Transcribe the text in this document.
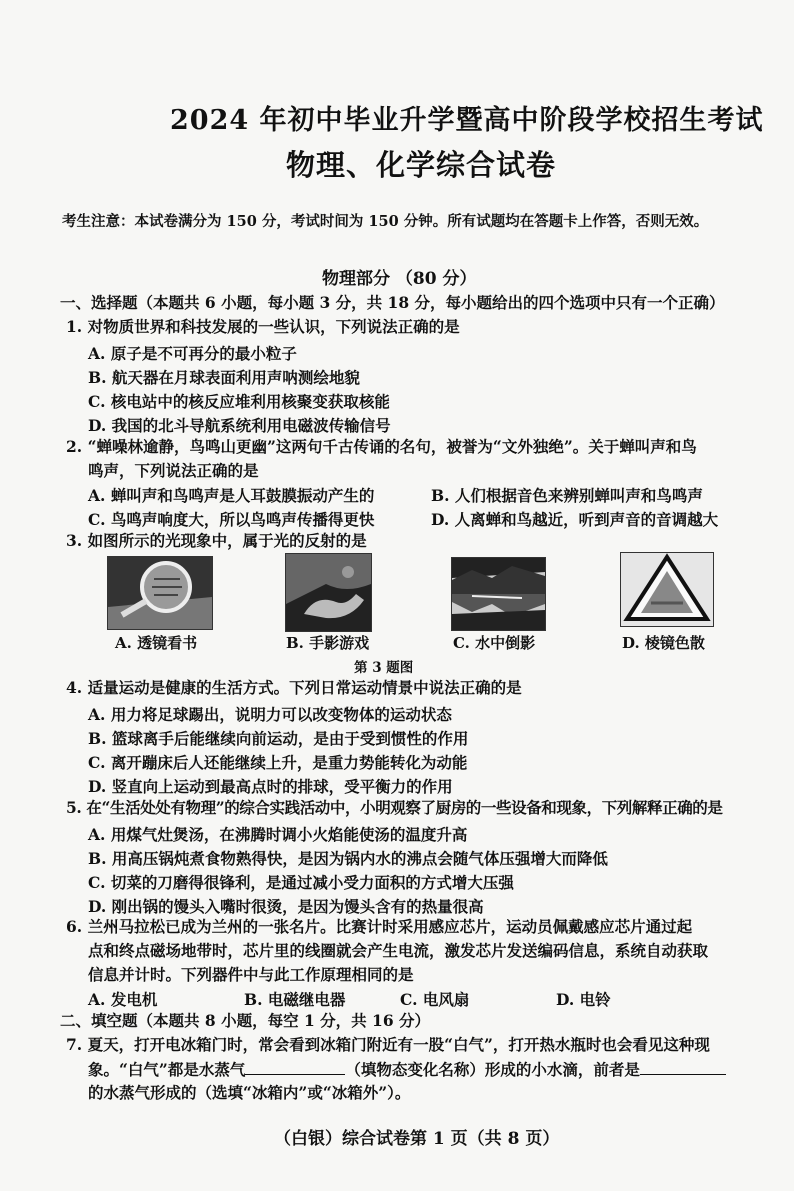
2024 年初中毕业升学暨高中阶段学校招生考试
物理、化学综合试卷
考生注意：本试卷满分为 150 分，考试时间为 150 分钟。所有试题均在答题卡上作答，否则无效。
物理部分 （80 分）
一、选择题（本题共 6 小题，每小题 3 分，共 18 分，每小题给出的四个选项中只有一个正确）
1. 对物质世界和科技发展的一些认识，下列说法正确的是
A. 原子是不可再分的最小粒子
B. 航天器在月球表面利用声呐测绘地貌
C. 核电站中的核反应堆利用核聚变获取核能
D. 我国的北斗导航系统利用电磁波传输信号
2. “蝉噪林逾静，鸟鸣山更幽”这两句千古传诵的名句，被誉为“文外独绝”。关于蝉叫声和鸟
鸣声，下列说法正确的是
A. 蝉叫声和鸟鸣声是人耳鼓膜振动产生的	B. 人们根据音色来辨别蝉叫声和鸟鸣声
C. 鸟鸣声响度大，所以鸟鸣声传播得更快	D. 人离蝉和鸟越近，听到声音的音调越大
3. 如图所示的光现象中，属于光的反射的是
A. 透镜看书	B. 手影游戏	C. 水中倒影	D. 棱镜色散
第 3 题图
4. 适量运动是健康的生活方式。下列日常运动情景中说法正确的是
A. 用力将足球踢出，说明力可以改变物体的运动状态
B. 篮球离手后能继续向前运动，是由于受到惯性的作用
C. 离开蹦床后人还能继续上升，是重力势能转化为动能
D. 竖直向上运动到最高点时的排球，受平衡力的作用
5. 在“生活处处有物理”的综合实践活动中，小明观察了厨房的一些设备和现象，下列解释正确的是
A. 用煤气灶煲汤，在沸腾时调小火焰能使汤的温度升高
B. 用高压锅炖煮食物熟得快，是因为锅内水的沸点会随气体压强增大而降低
C. 切菜的刀磨得很锋利，是通过减小受力面积的方式增大压强
D. 刚出锅的馒头入嘴时很烫，是因为馒头含有的热量很高
6. 兰州马拉松已成为兰州的一张名片。比赛计时采用感应芯片，运动员佩戴感应芯片通过起
点和终点磁场地带时，芯片里的线圈就会产生电流，激发芯片发送编码信息，系统自动获取
信息并计时。下列器件中与此工作原理相同的是
A. 发电机	B. 电磁继电器	C. 电风扇	D. 电铃
二、填空题（本题共 8 小题，每空 1 分，共 16 分）
7. 夏天，打开电冰箱门时，常会看到冰箱门附近有一股“白气”，打开热水瓶时也会看见这种现
象。“白气”都是水蒸气	（填物态变化名称）形成的小水滴，前者是
的水蒸气形成的（选填“冰箱内”或“冰箱外”）。
（白银）综合试卷第 1 页（共 8 页）
